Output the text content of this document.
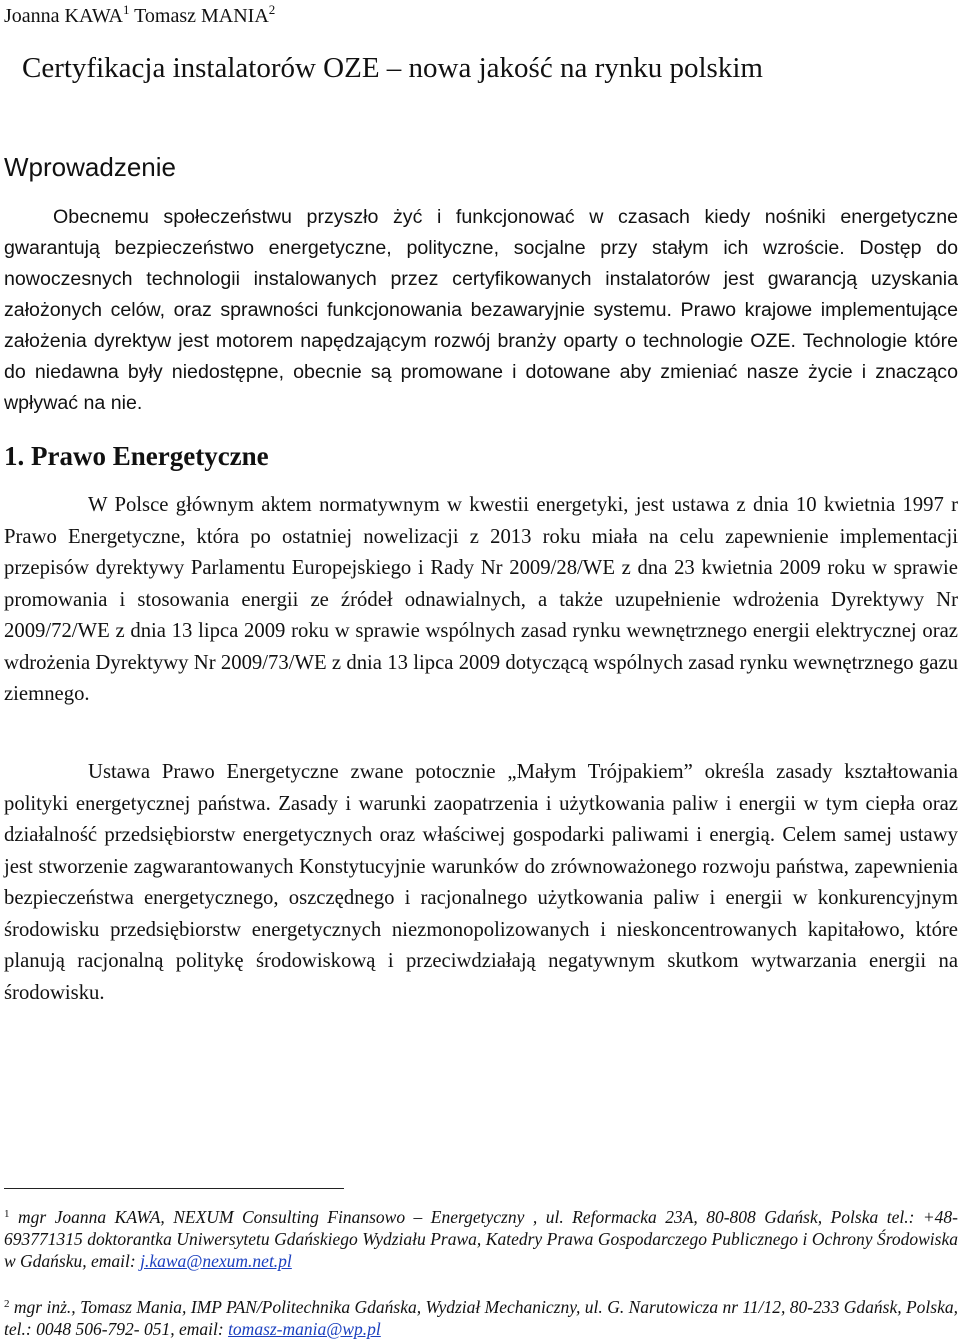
Joanna KAWA$^1$ Tomasz MANIA$^2$
Certyfikacja instalatorów OZE – nowa jakość na rynku polskim
Wprowadzenie
Obecnemu społeczeństwu przyszło żyć i funkcjonować w czasach kiedy nośniki energetyczne gwarantują bezpieczeństwo energetyczne, polityczne, socjalne przy stałym ich wzroście. Dostęp do nowoczesnych technologii instalowanych przez certyfikowanych instalatorów jest gwarancją uzyskania założonych celów, oraz sprawności funkcjonowania bezawaryjnie systemu. Prawo krajowe implementujące założenia dyrektyw jest motorem napędzającym rozwój branży oparty o technologie OZE. Technologie które do niedawna były niedostępne, obecnie są promowane i dotowane aby zmieniać nasze życie i znacząco wpływać na nie.
1. Prawo Energetyczne
W Polsce głównym aktem normatywnym w kwestii energetyki, jest ustawa z dnia 10 kwietnia 1997 r Prawo Energetyczne, która po ostatniej nowelizacji z 2013 roku miała na celu zapewnienie implementacji przepisów dyrektywy Parlamentu Europejskiego i Rady Nr 2009/28/WE z dna 23 kwietnia 2009 roku w sprawie promowania i stosowania energii ze źródeł odnawialnych, a także uzupełnienie wdrożenia Dyrektywy Nr 2009/72/WE z dnia 13 lipca 2009 roku w sprawie wspólnych zasad rynku wewnętrznego energii elektrycznej oraz wdrożenia Dyrektywy Nr 2009/73/WE z dnia 13 lipca 2009 dotyczącą wspólnych zasad rynku wewnętrznego gazu ziemnego.
Ustawa Prawo Energetyczne zwane potocznie „Małym Trójpakiem” określa zasady kształtowania polityki energetycznej państwa. Zasady i warunki zaopatrzenia i użytkowania paliw i energii w tym ciepła oraz działalność przedsiębiorstw energetycznych oraz właściwej gospodarki paliwami i energią. Celem samej ustawy jest stworzenie zagwarantowanych Konstytucyjnie warunków do zrównoważonego rozwoju państwa, zapewnienia bezpieczeństwa energetycznego, oszczędnego i racjonalnego użytkowania paliw i energii w konkurencyjnym środowisku przedsiębiorstw energetycznych niezmonopolizowanych i nieskoncentrowanych kapitałowo, które planują racjonalną politykę środowiskową i przeciwdziałają negatywnym skutkom wytwarzania energii na środowisku.
$^1$ mgr Joanna KAWA, NEXUM Consulting Finansowo – Energetyczny , ul. Reformacka 23A, 80-808 Gdańsk, Polska tel.: +48-693771315 doktorantka Uniwersytetu Gdańskiego Wydziału Prawa, Katedry Prawa Gospodarczego Publicznego i Ochrony Środowiska w Gdańsku, email: j.kawa@nexum.net.pl
$^2$ mgr inż., Tomasz Mania, IMP PAN/Politechnika Gdańska, Wydział Mechaniczny, ul. G. Narutowicza nr 11/12, 80-233 Gdańsk, Polska, tel.: 0048 506-792- 051, email: tomasz-mania@wp.pl
